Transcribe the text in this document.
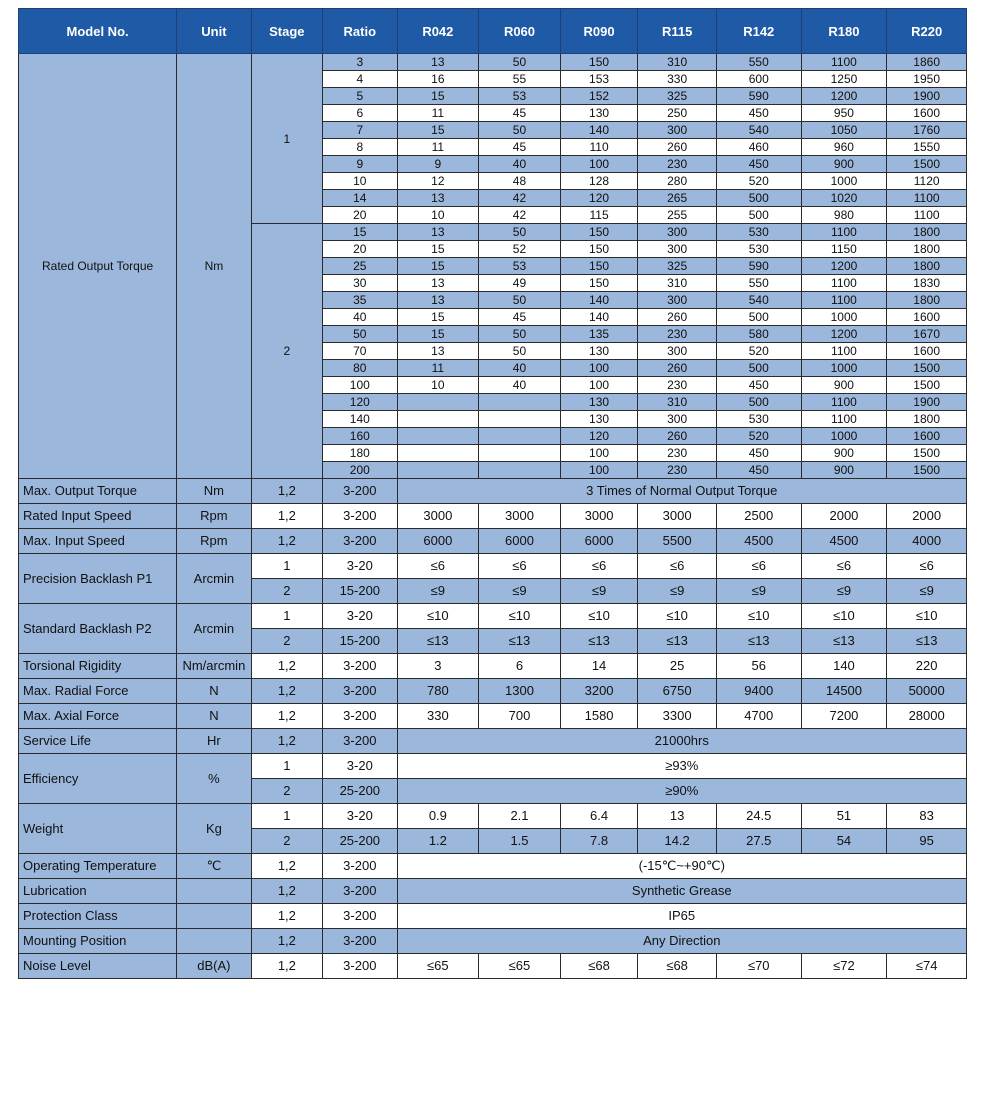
Model No.	Unit	Stage	Ratio	R042	R060	R090	R115	R142	R180	R220
Rated Output Torque	Nm	1	3	13	50	150	310	550	1100	1860
			4	16	55	153	330	600	1250	1950
			5	15	53	152	325	590	1200	1900
			6	11	45	130	250	450	950	1600
			7	15	50	140	300	540	1050	1760
			8	11	45	110	260	460	960	1550
			9	9	40	100	230	450	900	1500
			10	12	48	128	280	520	1000	1120
			14	13	42	120	265	500	1020	1100
			20	10	42	115	255	500	980	1100
		2	15	13	50	150	300	530	1100	1800
			20	15	52	150	300	530	1150	1800
			25	15	53	150	325	590	1200	1800
			30	13	49	150	310	550	1100	1830
			35	13	50	140	300	540	1100	1800
			40	15	45	140	260	500	1000	1600
			50	15	50	135	230	580	1200	1670
			70	13	50	130	300	520	1100	1600
			80	11	40	100	260	500	1000	1500
			100	10	40	100	230	450	900	1500
			120			130	310	500	1100	1900
			140			130	300	530	1100	1800
			160			120	260	520	1000	1600
			180			100	230	450	900	1500
			200			100	230	450	900	1500
Max. Output Torque	Nm	1,2	3-200	3 Times of Normal Output Torque						
Rated Input Speed	Rpm	1,2	3-200	3000	3000	3000	3000	2500	2000	2000
Max. Input Speed	Rpm	1,2	3-200	6000	6000	6000	5500	4500	4500	4000
Precision Backlash P1	Arcmin	1	3-20	≤6	≤6	≤6	≤6	≤6	≤6	≤6
		2	15-200	≤9	≤9	≤9	≤9	≤9	≤9	≤9
Standard Backlash P2	Arcmin	1	3-20	≤10	≤10	≤10	≤10	≤10	≤10	≤10
		2	15-200	≤13	≤13	≤13	≤13	≤13	≤13	≤13
Torsional Rigidity	Nm/arcmin	1,2	3-200	3	6	14	25	56	140	220
Max. Radial Force	N	1,2	3-200	780	1300	3200	6750	9400	14500	50000
Max. Axial Force	N	1,2	3-200	330	700	1580	3300	4700	7200	28000
Service Life	Hr	1,2	3-200	21000hrs						
Efficiency	%	1	3-20	≥93%						
		2	25-200	≥90%						
Weight	Kg	1	3-20	0.9	2.1	6.4	13	24.5	51	83
		2	25-200	1.2	1.5	7.8	14.2	27.5	54	95
Operating Temperature	℃	1,2	3-200	(-15℃~+90℃)						
Lubrication		1,2	3-200	Synthetic Grease						
Protection Class		1,2	3-200	IP65						
Mounting Position		1,2	3-200	Any Direction						
Noise Level	dB(A)	1,2	3-200	≤65	≤65	≤68	≤68	≤70	≤72	≤74
